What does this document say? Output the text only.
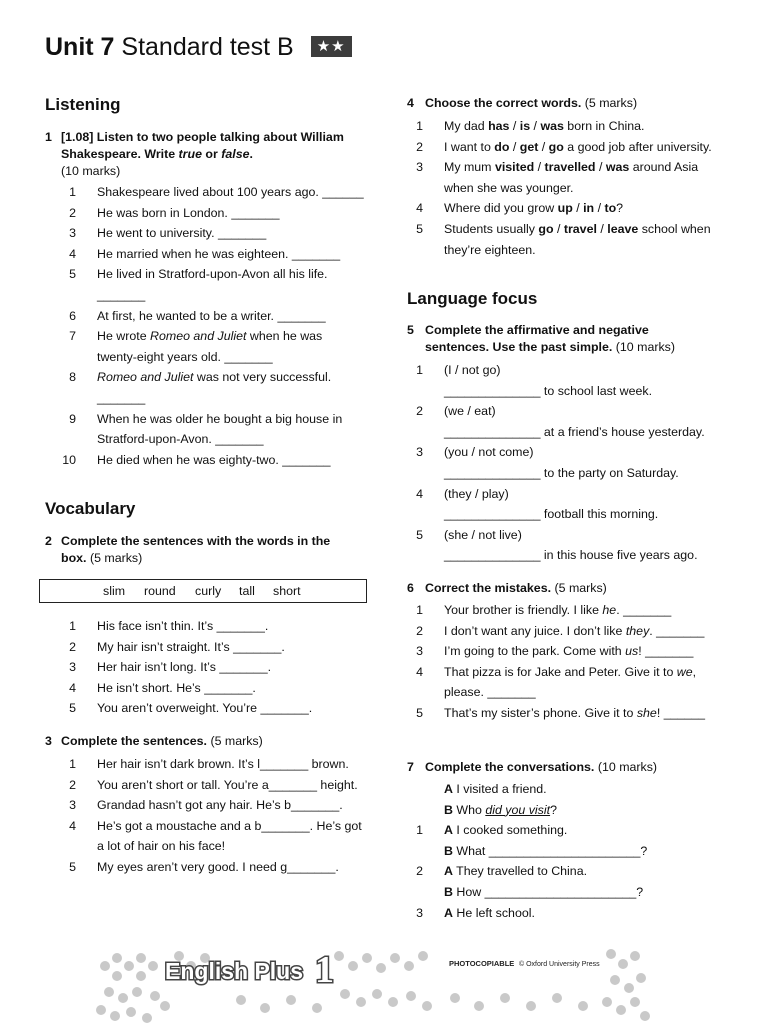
Unit 7 Standard test B ★★
Listening
1 [1.08] Listen to two people talking about William Shakespeare. Write true or false.
(10 marks)
1 Shakespeare lived about 100 years ago. ______
2 He was born in London. _______
3 He went to university. _______
4 He married when he was eighteen. _______
5 He lived in Stratford-upon-Avon all his life.
_______
6 At first, he wanted to be a writer. _______
7 He wrote Romeo and Juliet when he was
twenty-eight years old. _______
8 Romeo and Juliet was not very successful.
_______
9 When he was older he bought a big house in
Stratford-upon-Avon. _______
10 He died when he was eighty-two. _______
Vocabulary
2 Complete the sentences with the words in the box. (5 marks)
slim round curly tall short
1 His face isn’t thin. It’s _______.
2 My hair isn’t straight. It’s _______.
3 Her hair isn’t long. It’s _______.
4 He isn’t short. He’s _______.
5 You aren’t overweight. You’re _______.
3 Complete the sentences. (5 marks)
1 Her hair isn’t dark brown. It’s l_______ brown.
2 You aren’t short or tall. You’re a_______ height.
3 Grandad hasn’t got any hair. He’s b_______.
4 He’s got a moustache and a b_______. He’s got
a lot of hair on his face!
5 My eyes aren’t very good. I need g_______.
4 Choose the correct words. (5 marks)
1 My dad has / is / was born in China.
2 I want to do / get / go a good job after university.
3 My mum visited / travelled / was around Asia
when she was younger.
4 Where did you grow up / in / to?
5 Students usually go / travel / leave school when
they’re eighteen.
Language focus
5 Complete the affirmative and negative sentences. Use the past simple. (10 marks)
1 (I / not go)
______________ to school last week.
2 (we / eat)
______________ at a friend’s house yesterday.
3 (you / not come)
______________ to the party on Saturday.
4 (they / play)
______________ football this morning.
5 (she / not live)
______________ in this house five years ago.
6 Correct the mistakes. (5 marks)
1 Your brother is friendly. I like he. _______
2 I don’t want any juice. I don’t like they. _______
3 I’m going to the park. Come with us! _______
4 That pizza is for Jake and Peter. Give it to we,
please. _______
5 That’s my sister’s phone. Give it to she! ______
7 Complete the conversations. (10 marks)
A I visited a friend.
B Who did you visit?
1 A I cooked something.
B What ______________________?
2 A They travelled to China.
B How ______________________?
3 A He left school.
English Plus 1	PHOTOCOPIABLE © Oxford University Press
